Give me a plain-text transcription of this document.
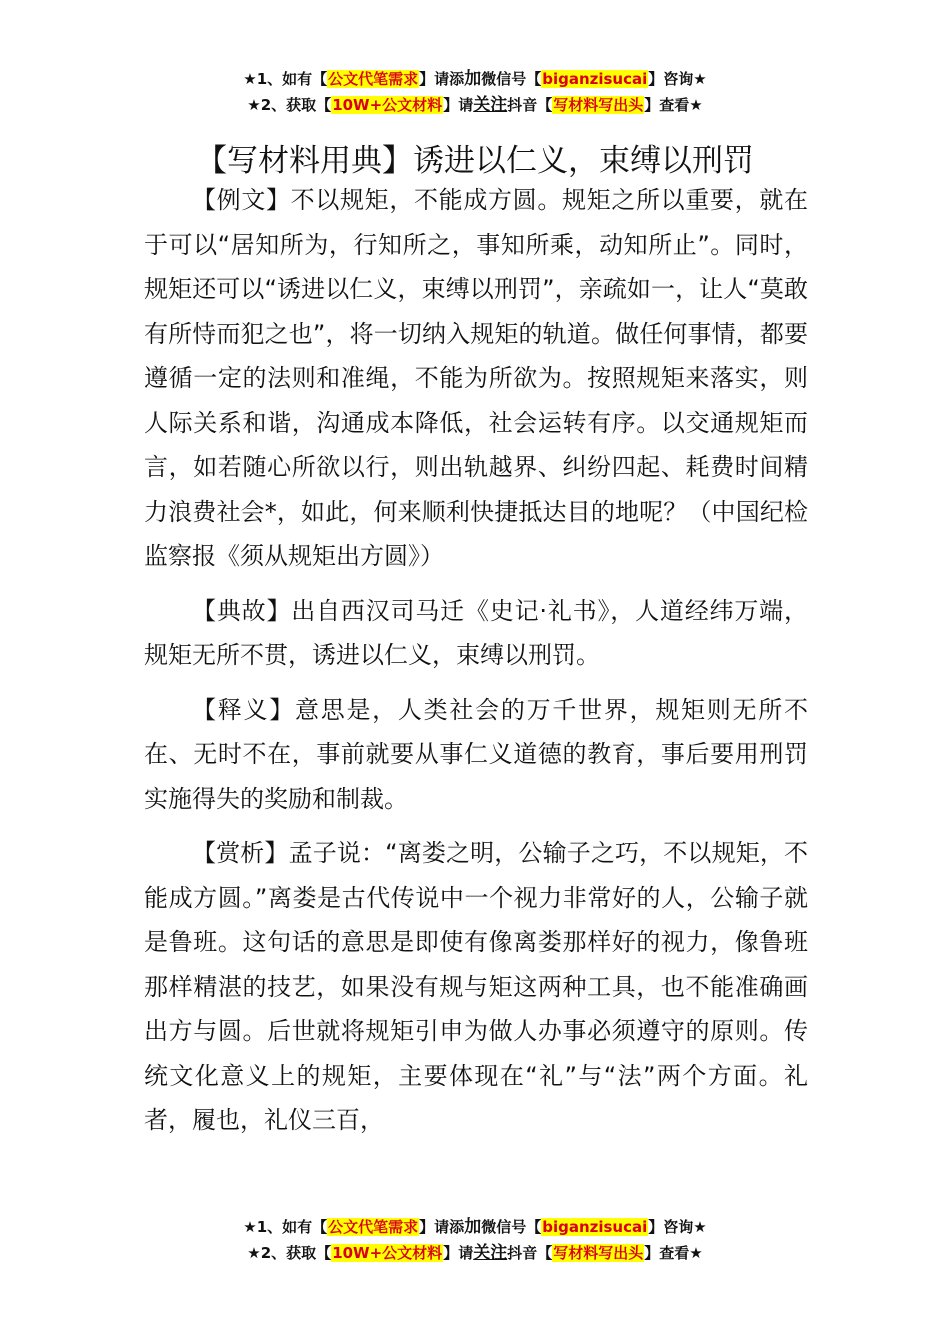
★1、如有【公文代笔需求】请添加微信号【biganzisucai】咨询★
★2、获取【10W+公文材料】请关注抖音【写材料写出头】查看★
【写材料用典】诱进以仁义，束缚以刑罚

【例文】不以规矩，不能成方圆。规矩之所以重要，就在于可以“居知所为，行知所之，事知所乘，动知所止”。同时，规矩还可以“诱进以仁义，束缚以刑罚”，亲疏如一，让人“莫敢有所恃而犯之也”，将一切纳入规矩的轨道。做任何事情，都要遵循一定的法则和准绳，不能为所欲为。按照规矩来落实，则人际关系和谐，沟通成本降低，社会运转有序。以交通规矩而言，如若随心所欲以行，则出轨越界、纠纷四起、耗费时间精力浪费社会*，如此，何来顺利快捷抵达目的地呢？（中国纪检监察报《须从规矩出方圆》）

【典故】出自西汉司马迁《史记·礼书》，人道经纬万端，规矩无所不贯，诱进以仁义，束缚以刑罚。

【释义】意思是，人类社会的万千世界，规矩则无所不在、无时不在，事前就要从事仁义道德的教育，事后要用刑罚实施得失的奖励和制裁。

【赏析】孟子说：“离娄之明，公输子之巧，不以规矩，不能成方圆。”离娄是古代传说中一个视力非常好的人，公输子就是鲁班。这句话的意思是即使有像离娄那样好的视力，像鲁班那样精湛的技艺，如果没有规与矩这两种工具，也不能准确画出方与圆。后世就将规矩引申为做人办事必须遵守的原则。传统文化意义上的规矩，主要体现在“礼”与“法”两个方面。礼者，履也，礼仪三百，

★1、如有【公文代笔需求】请添加微信号【biganzisucai】咨询★
★2、获取【10W+公文材料】请关注抖音【写材料写出头】查看★
